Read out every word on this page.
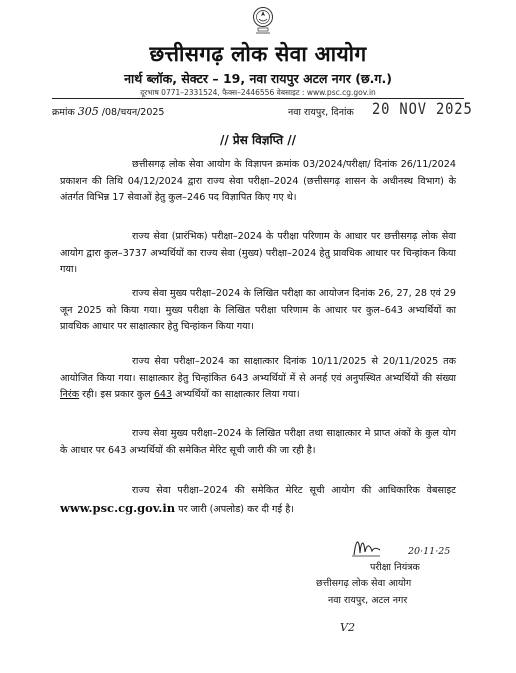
छत्तीसगढ़ लोक सेवा आयोग
नार्थ ब्लॉक, सेक्टर – 19, नवा रायपुर अटल नगर (छ.ग.)
दूरभाष 0771–2331524, फैक्स–2446556 वेबसाइट : www.psc.cg.gov.in
क्रमांक 305 /08/चयन/2025	नवा रायपुर, दिनांक 20 NOV 2025
// प्रेस विज्ञप्ति //

छत्तीसगढ़ लोक सेवा आयोग के विज्ञापन क्रमांक 03/2024/परीक्षा/ दिनांक 26/11/2024 प्रकाशन की तिथि 04/12/2024 द्वारा राज्य सेवा परीक्षा–2024 (छत्तीसगढ़ शासन के अधीनस्थ विभाग) के अंतर्गत विभिन्न 17 सेवाओं हेतु कुल–246 पद विज्ञापित किए गए थे।

राज्य सेवा (प्रारंभिक) परीक्षा–2024 के परीक्षा परिणाम के आधार पर छत्तीसगढ़ लोक सेवा आयोग द्वारा कुल–3737 अभ्यर्थियों का राज्य सेवा (मुख्य) परीक्षा–2024 हेतु प्रावधिक आधार पर चिन्हांकन किया गया।

राज्य सेवा मुख्य परीक्षा–2024 के लिखित परीक्षा का आयोजन दिनांक 26, 27, 28 एवं 29 जून 2025 को किया गया। मुख्य परीक्षा के लिखित परीक्षा परिणाम के आधार पर कुल–643 अभ्यर्थियों का प्रावधिक आधार पर साक्षात्कार हेतु चिन्हांकन किया गया।

राज्य सेवा परीक्षा–2024 का साक्षात्कार दिनांक 10/11/2025 से 20/11/2025 तक आयोजित किया गया। साक्षात्कार हेतु चिन्हांकित 643 अभ्यर्थियों में से अनर्ह एवं अनुपस्थित अभ्यर्थियों की संख्या निरंक रही। इस प्रकार कुल 643 अभ्यर्थियों का साक्षात्कार लिया गया।

राज्य सेवा मुख्य परीक्षा–2024 के लिखित परीक्षा तथा साक्षात्कार मे प्राप्त अंकों के कुल योग के आधार पर 643 अभ्यर्थियों की समेकित मेरिट सूची जारी की जा रही है।

राज्य सेवा परीक्षा–2024 की समेकित मेरिट सूची आयोग की आधिकारिक वेबसाइट www.psc.cg.gov.in पर जारी (अपलोड) कर दी गई है।

20·11·25
परीक्षा नियंत्रक
छत्तीसगढ़ लोक सेवा आयोग
नवा रायपुर, अटल नगर
V2
